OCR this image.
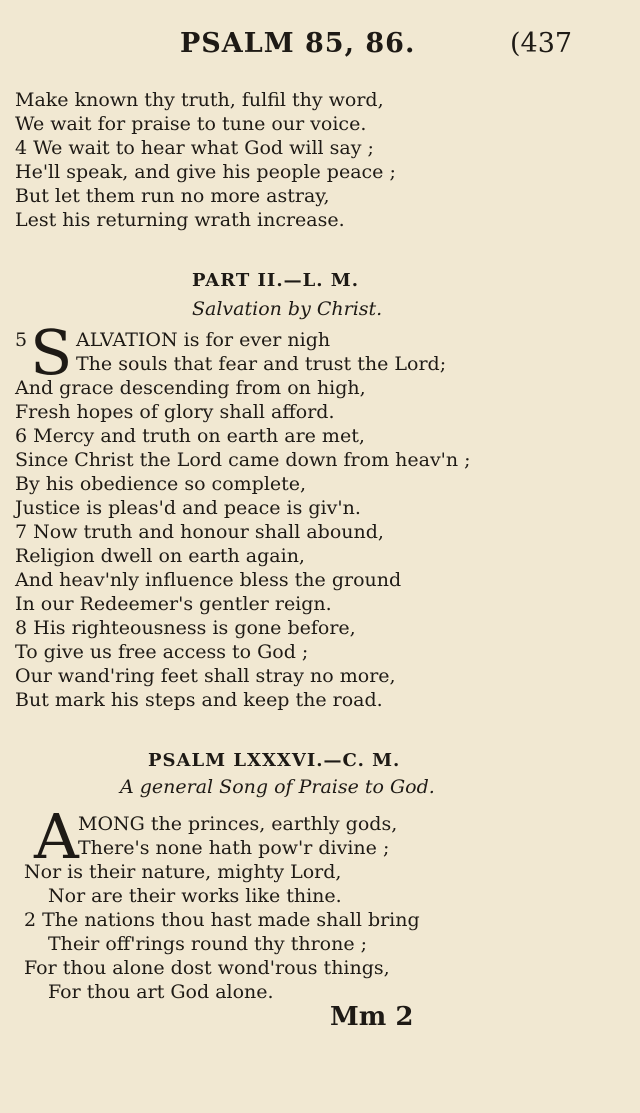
PSALM 85, 86.	(437
Make known thy truth, fulfil thy word,
We wait for praise to tune our voice.
4 We wait to hear what God will say ;
He'll speak, and give his people peace ;
But let them run no more astray,
Lest his returning wrath increase.
PART II.—L. M.
Salvation by Christ.
5 S ALVATION is for ever nigh
The souls that fear and trust the Lord;
And grace descending from on high,
Fresh hopes of glory shall afford.
6 Mercy and truth on earth are met,
Since Christ the Lord came down from heav'n ;
By his obedience so complete,
Justice is pleas'd and peace is giv'n.
7 Now truth and honour shall abound,
Religion dwell on earth again,
And heav'nly influence bless the ground
In our Redeemer's gentler reign.
8 His righteousness is gone before,
To give us free access to God ;
Our wand'ring feet shall stray no more,
But mark his steps and keep the road.
PSALM LXXXVI.—C. M.
A general Song of Praise to God.
A MONG the princes, earthly gods,
There's none hath pow'r divine ;
Nor is their nature, mighty Lord,
Nor are their works like thine.
2 The nations thou hast made shall bring
Their off'rings round thy throne ;
For thou alone dost wond'rous things,
For thou art God alone.
Mm 2
